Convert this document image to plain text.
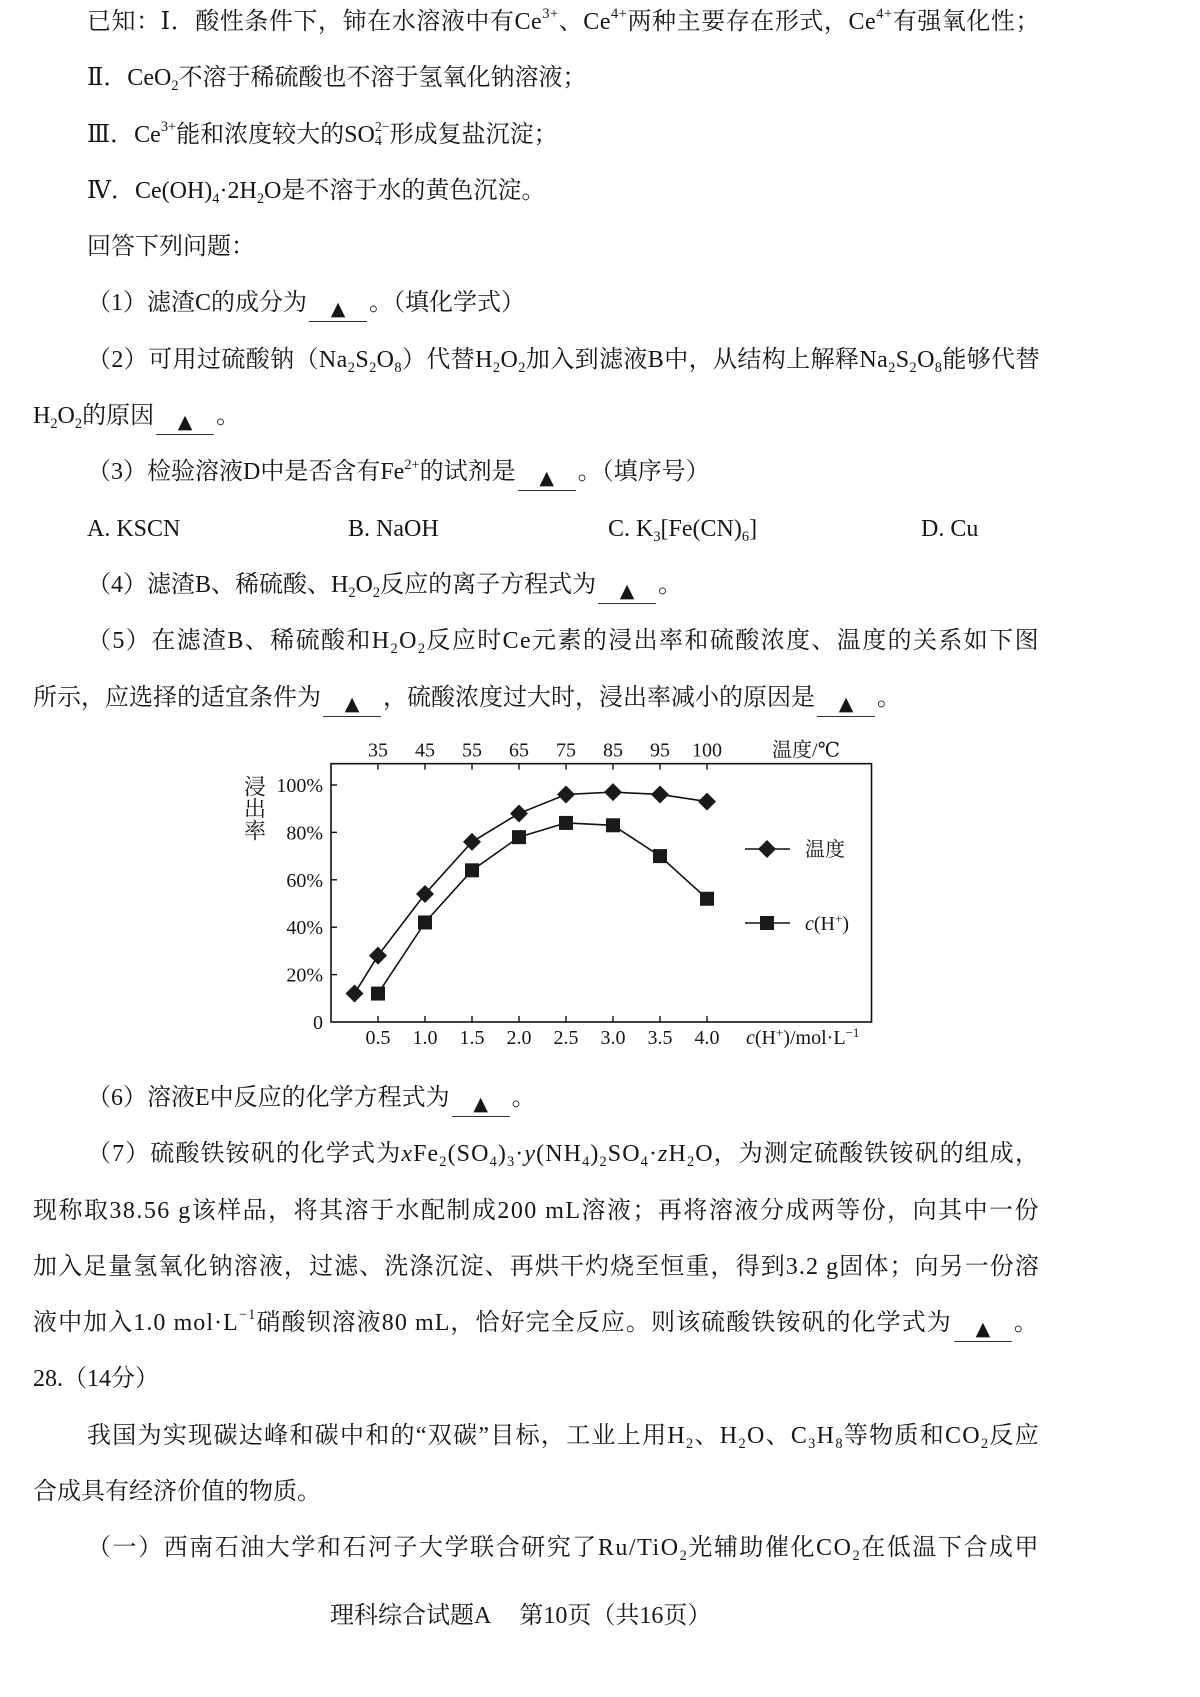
已知：Ⅰ．酸性条件下，铈在水溶液中有$Ce^{3+}$、$Ce^{4+}$两种主要存在形式，$Ce^{4+}$有强氧化性；
Ⅱ．CeO$_2$不溶于稀硫酸也不溶于氢氧化钠溶液；
Ⅲ．$Ce^{3+}$能和浓度较大的SO 2−
4 形成复盐沉淀；
Ⅳ．$Ce(OH)_4\cdot 2H_2O$是不溶于水的黄色沉淀。
回答下列问题：
（1）滤渣C的成分为 ▲ 。（填化学式）
（2）可用过硫酸钠$(Na_2S_2O_8)$代替$H_2O_2$加入到滤液B中，从结构上解释$Na_2S_2O_8$能够代替
$H_2O_2$的原因 ▲ 。
（3）检验溶液D中是否含有$Fe^{2+}$的试剂是 ▲ 。（填序号）
A. KSCN	B. NaOH	C. $K_3[Fe(CN)_6]$	D. Cu
（4）滤渣B、稀硫酸、$H_2O_2$反应的离子方程式为 ▲ 。
（5）在滤渣B、稀硫酸和$H_2O_2$反应时Ce元素的浸出率和硫酸浓度、温度的关系如下图
所示，应选择的适宜条件为 ▲ ，硫酸浓度过大时，浸出率减小的原因是 ▲ 。
0
20%
40%
60%
80%
100%
浸出率
0.5 1.0 1.5 2.0 2.5 3.0 3.5 4.0 $c(H^+)/mol\cdot L^{-1}$
35 45 55 65 75 85 95 100	温度/℃
温度
c(H+)
（6）溶液E中反应的化学方程式为 ▲ 。
（7）硫酸铁铵矾的化学式为$xFe_2(SO_4)_3\cdot y(NH_4)_2SO_4\cdot zH_2O$，为测定硫酸铁铵矾的组成，
现称取38.56 g该样品，将其溶于水配制成200 mL溶液；再将溶液分成两等份，向其中一份
加入足量氢氧化钠溶液，过滤、洗涤沉淀、再烘干灼烧至恒重，得到3.2 g固体；向另一份溶
液中加入1.0 $mol\cdot L^{-1}$硝酸钡溶液80 mL，恰好完全反应。则该硫酸铁铵矾的化学式为 ▲ 。
28.（14分）
我国为实现碳达峰和碳中和的“双碳”目标，工业上用$H_2$、$H_2O$、$C_3H_8$等物质和$CO_2$反应
合成具有经济价值的物质。
（一）西南石油大学和石河子大学联合研究了Ru/TiO$_2$光辅助催化$CO_2$在低温下合成甲
理科综合试题A 第10页（共16页）
